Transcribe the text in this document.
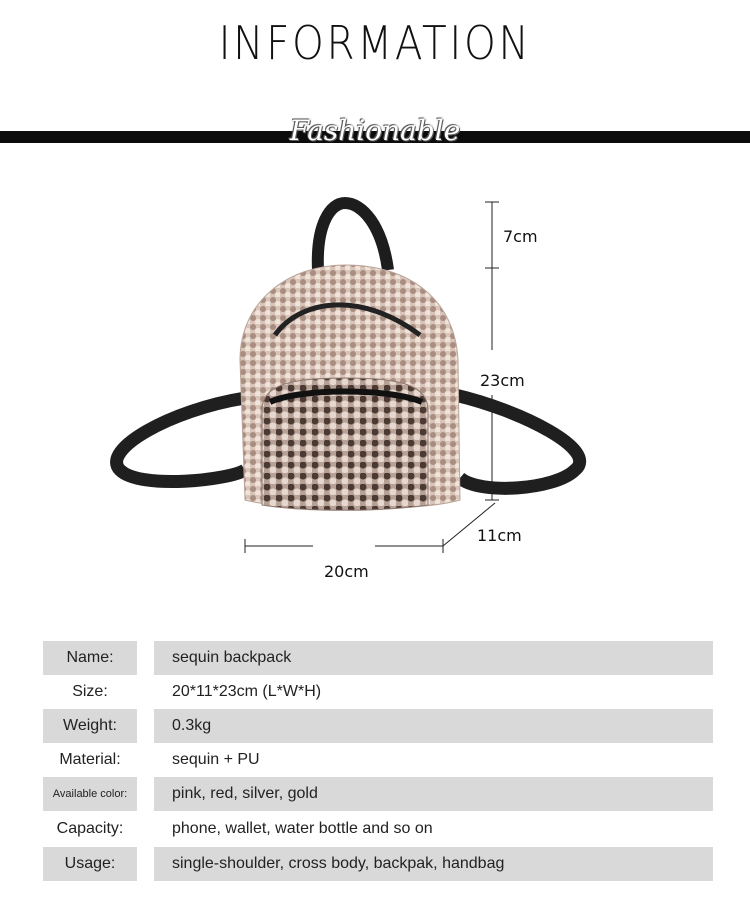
INFORMATION
Fashionable
7cm
23cm
11cm
20cm
Name:	sequin backpack
Size:	20*11*23cm (L*W*H)
Weight:	0.3kg
Material:	sequin + PU
Available color:	pink, red, silver, gold
Capacity:	phone, wallet, water bottle and so on
Usage:	single-shoulder, cross body, backpak, handbag
